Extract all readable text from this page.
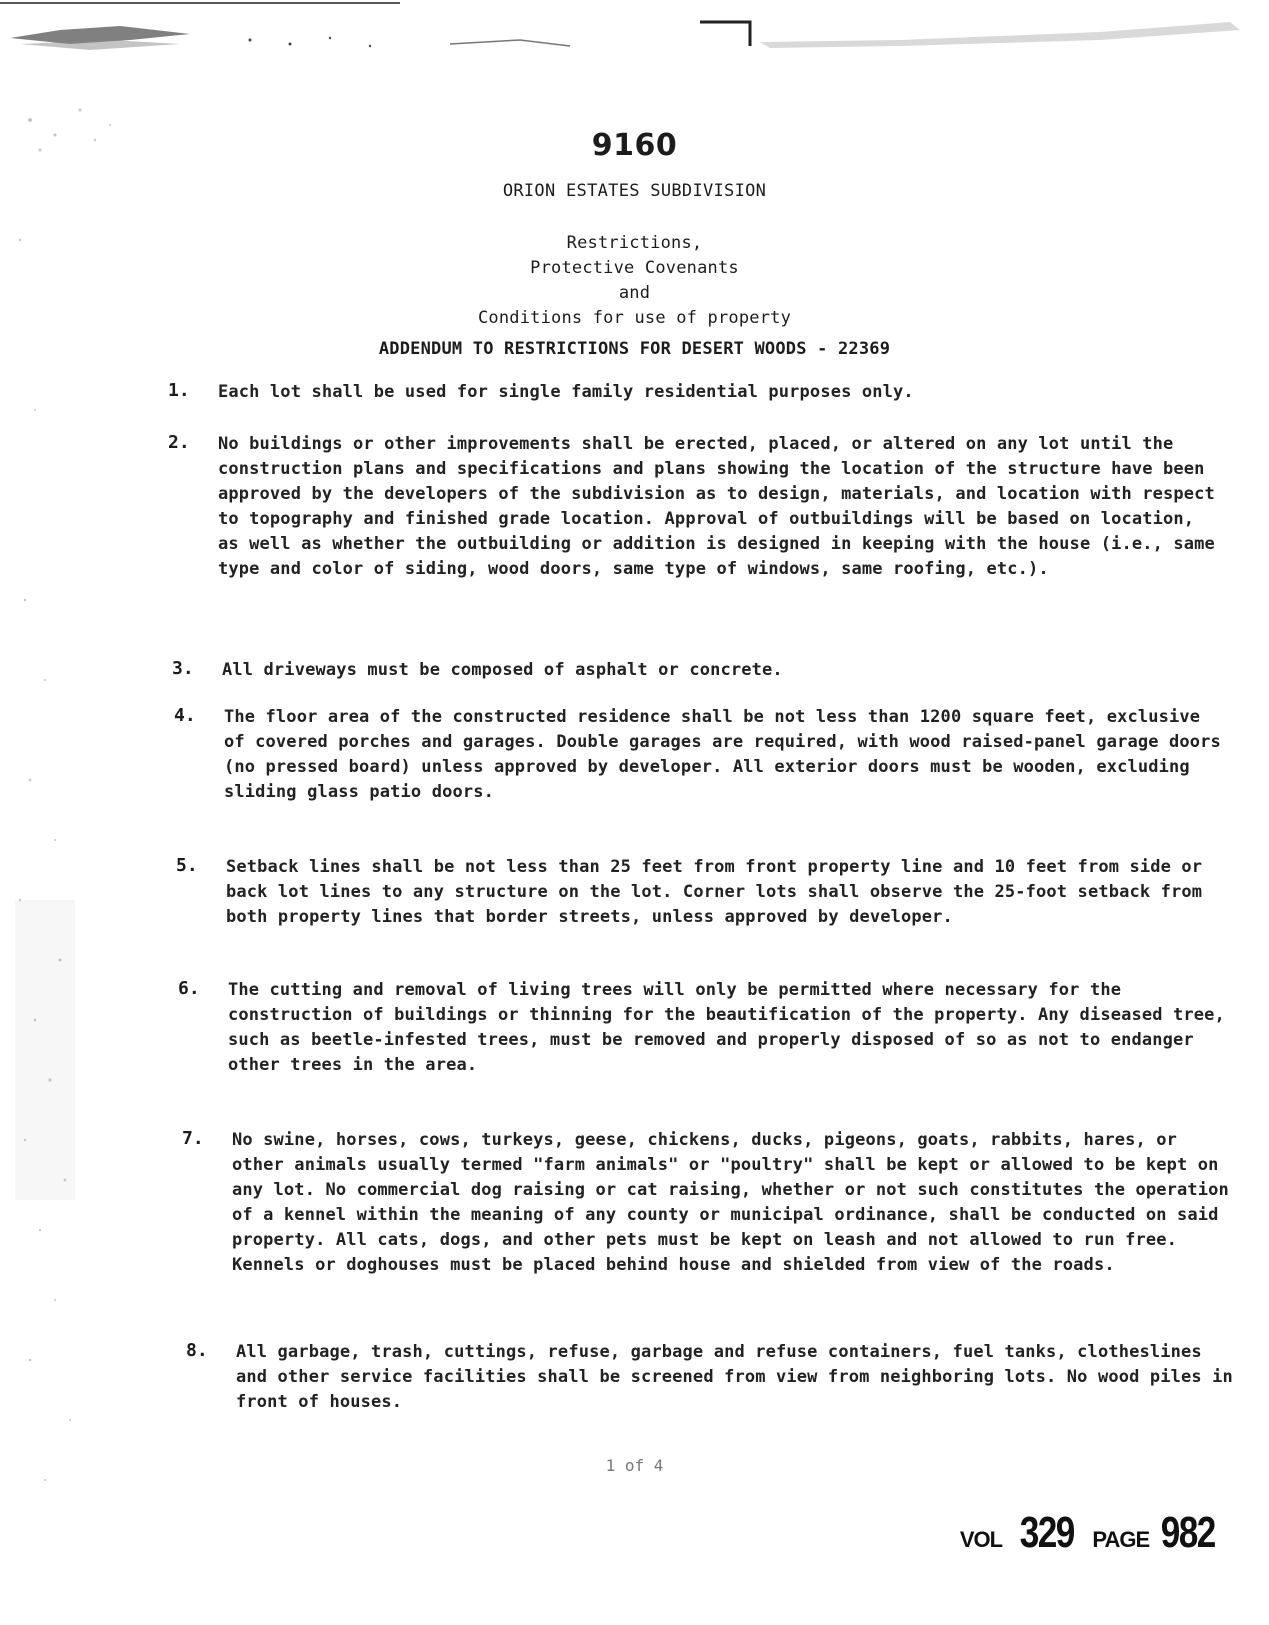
9160
ORION ESTATES SUBDIVISION
Restrictions,
Protective Covenants
and
Conditions for use of property
ADDENDUM TO RESTRICTIONS FOR DESERT WOODS - 22369
1. Each lot shall be used for single family residential purposes only.
2. No buildings or other improvements shall be erected, placed, or altered on any lot until the construction plans and specifications and plans showing the location of the structure have been approved by the developers of the subdivision as to design, materials, and location with respect to topography and finished grade location. Approval of outbuildings will be based on location, as well as whether the outbuilding or addition is designed in keeping with the house (i.e., same type and color of siding, wood doors, same type of windows, same roofing, etc.).
3. All driveways must be composed of asphalt or concrete.
4. The floor area of the constructed residence shall be not less than 1200 square feet, exclusive of covered porches and garages. Double garages are required, with wood raised-panel garage doors (no pressed board) unless approved by developer. All exterior doors must be wooden, excluding sliding glass patio doors.
5. Setback lines shall be not less than 25 feet from front property line and 10 feet from side or back lot lines to any structure on the lot. Corner lots shall observe the 25-foot setback from both property lines that border streets, unless approved by developer.
6. The cutting and removal of living trees will only be permitted where necessary for the construction of buildings or thinning for the beautification of the property. Any diseased tree, such as beetle-infested trees, must be removed and properly disposed of so as not to endanger other trees in the area.
7. No swine, horses, cows, turkeys, geese, chickens, ducks, pigeons, goats, rabbits, hares, or other animals usually termed "farm animals" or "poultry" shall be kept or allowed to be kept on any lot. No commercial dog raising or cat raising, whether or not such constitutes the operation of a kennel within the meaning of any county or municipal ordinance, shall be conducted on said property. All cats, dogs, and other pets must be kept on leash and not allowed to run free. Kennels or doghouses must be placed behind house and shielded from view of the roads.
8. All garbage, trash, cuttings, refuse, garbage and refuse containers, fuel tanks, clotheslines and other service facilities shall be screened from view from neighboring lots. No wood piles in front of houses.
1 of 4
VOL 329 PAGE 982
